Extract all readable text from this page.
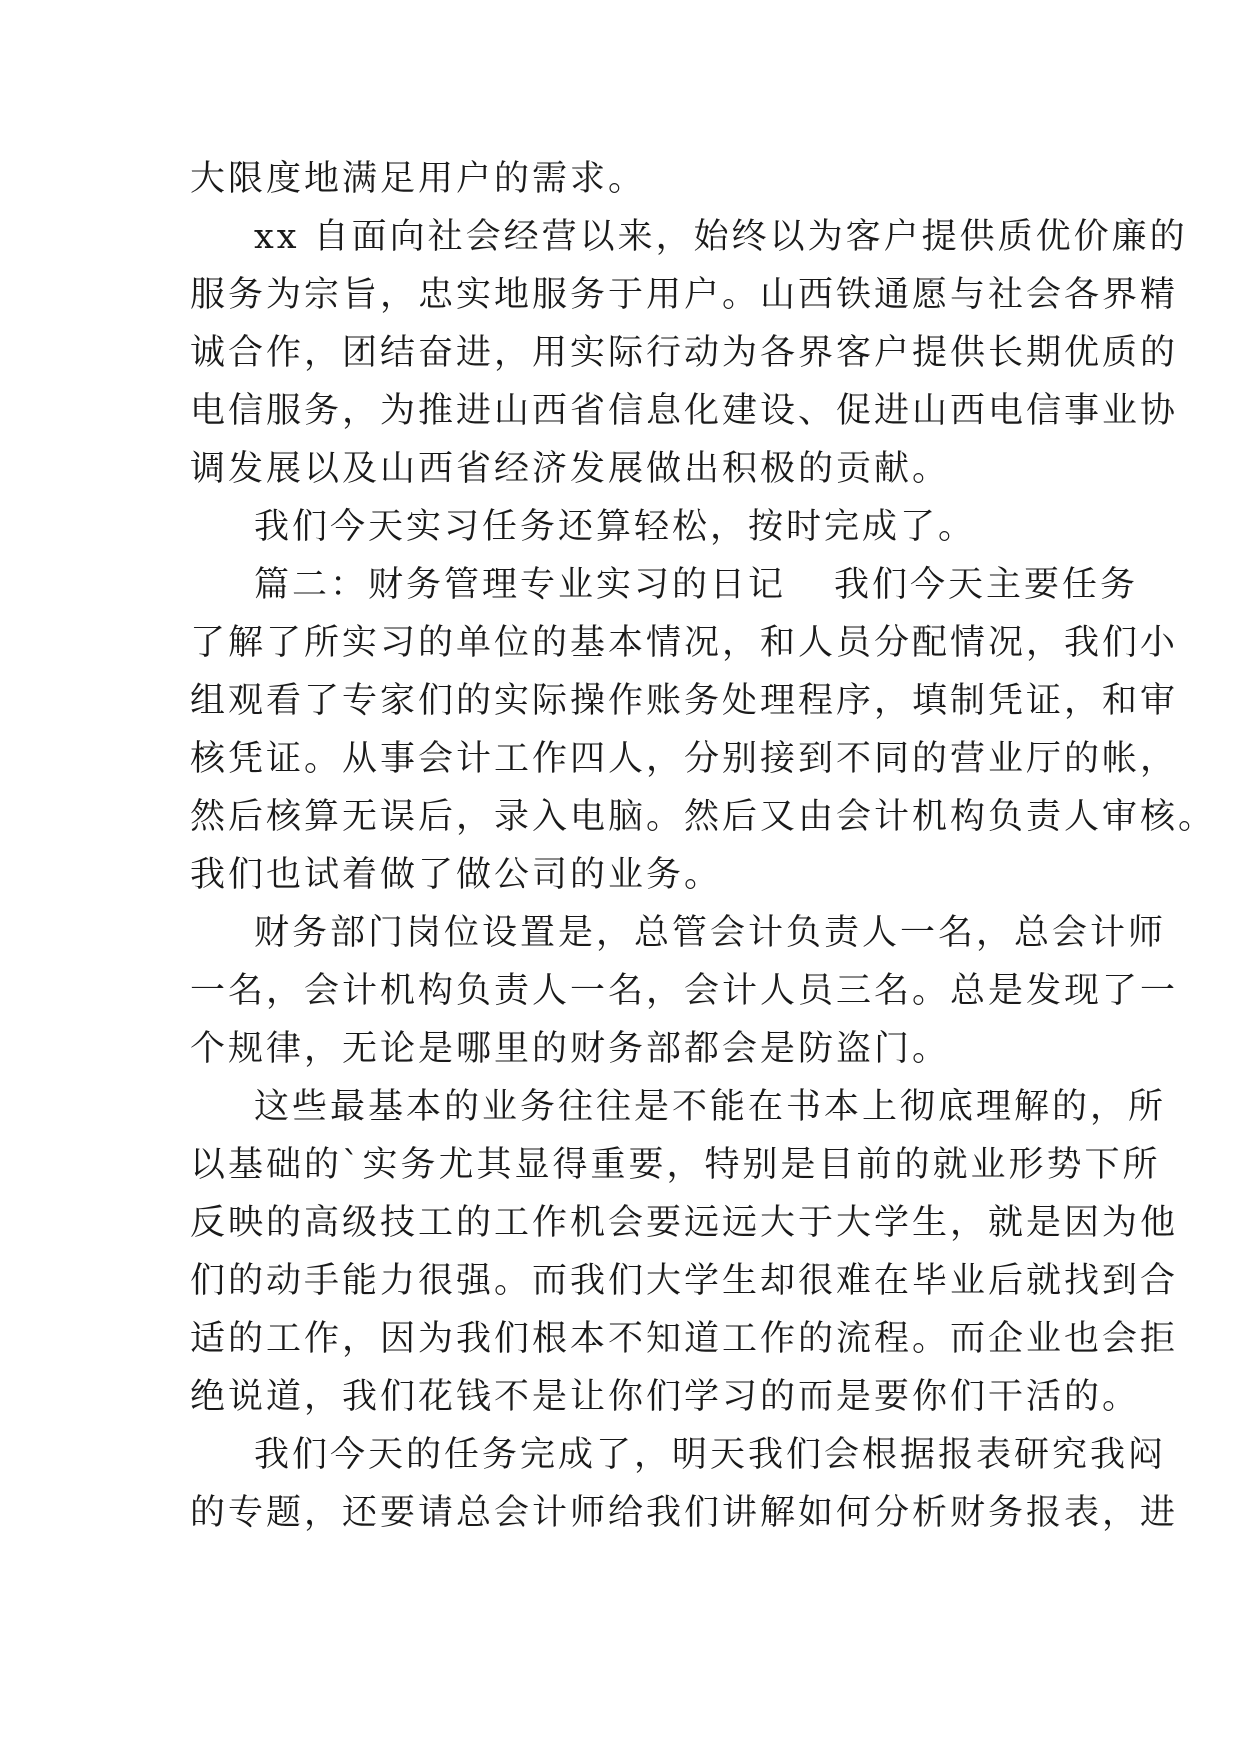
大限度地满足用户的需求。
xx 自面向社会经营以来，始终以为客户提供质优价廉的
服务为宗旨，忠实地服务于用户。山西铁通愿与社会各界精
诚合作，团结奋进，用实际行动为各界客户提供长期优质的
电信服务，为推进山西省信息化建设、促进山西电信事业协
调发展以及山西省经济发展做出积极的贡献。
我们今天实习任务还算轻松，按时完成了。
篇二：财务管理专业实习的日记 我们今天主要任务
了解了所实习的单位的基本情况，和人员分配情况，我们小
组观看了专家们的实际操作账务处理程序，填制凭证，和审
核凭证。从事会计工作四人，分别接到不同的营业厅的帐，
然后核算无误后，录入电脑。然后又由会计机构负责人审核。
我们也试着做了做公司的业务。
财务部门岗位设置是，总管会计负责人一名，总会计师
一名，会计机构负责人一名，会计人员三名。总是发现了一
个规律，无论是哪里的财务部都会是防盗门。
这些最基本的业务往往是不能在书本上彻底理解的，所
以基础的`实务尤其显得重要，特别是目前的就业形势下所
反映的高级技工的工作机会要远远大于大学生，就是因为他
们的动手能力很强。而我们大学生却很难在毕业后就找到合
适的工作，因为我们根本不知道工作的流程。而企业也会拒
绝说道，我们花钱不是让你们学习的而是要你们干活的。
我们今天的任务完成了，明天我们会根据报表研究我闷
的专题，还要请总会计师给我们讲解如何分析财务报表，进
